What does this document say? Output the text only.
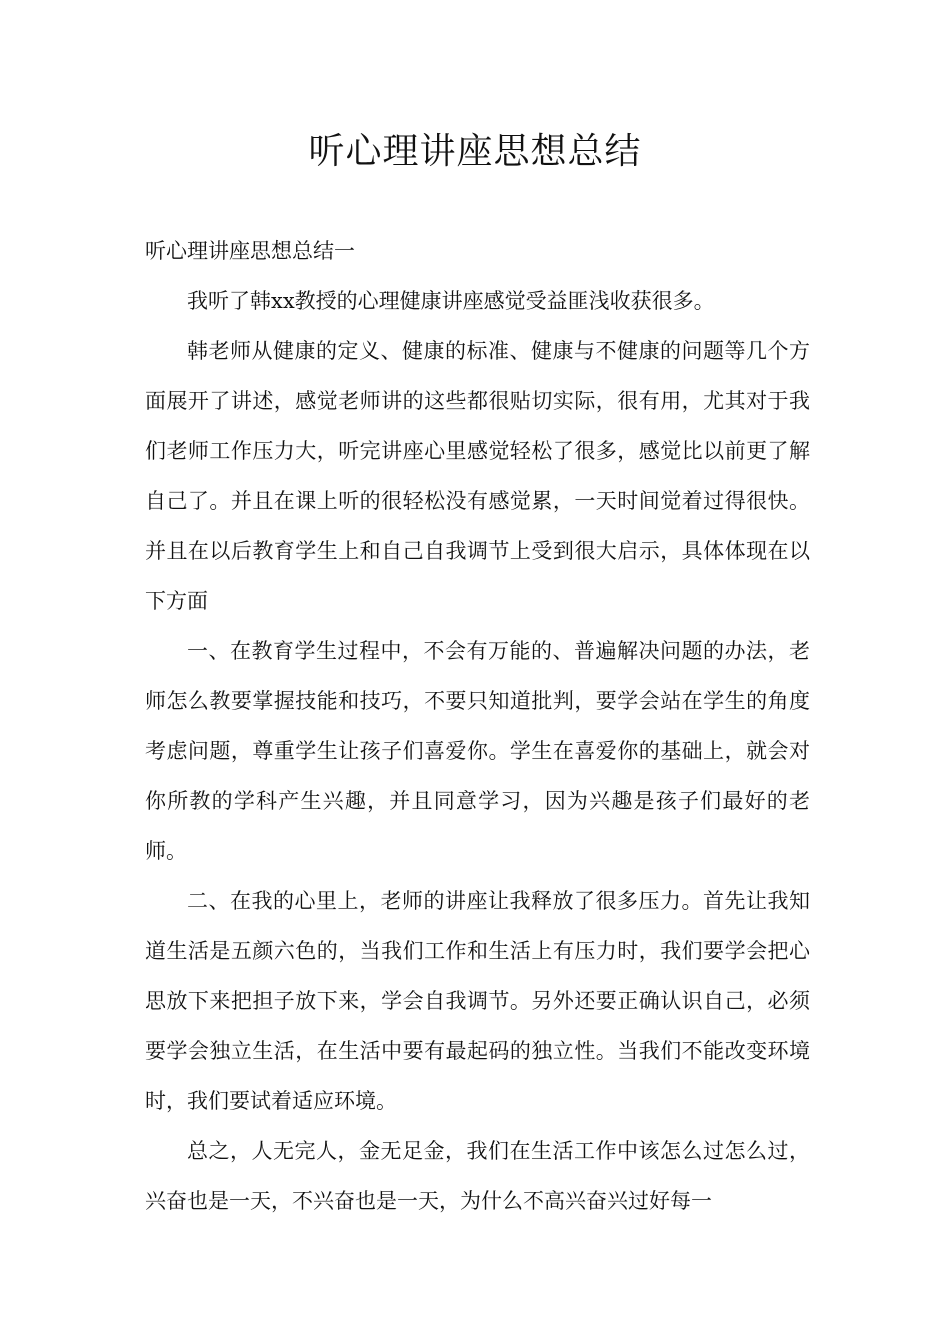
听心理讲座思想总结

听心理讲座思想总结一

我听了韩xx教授的心理健康讲座感觉受益匪浅收获很多。

韩老师从健康的定义、健康的标准、健康与不健康的问题等几个方面展开了讲述，感觉老师讲的这些都很贴切实际，很有用，尤其对于我们老师工作压力大，听完讲座心里感觉轻松了很多，感觉比以前更了解自己了。并且在课上听的很轻松没有感觉累，一天时间觉着过得很快。并且在以后教育学生上和自己自我调节上受到很大启示，具体体现在以下方面

一、在教育学生过程中，不会有万能的、普遍解决问题的办法，老师怎么教要掌握技能和技巧，不要只知道批判，要学会站在学生的角度考虑问题，尊重学生让孩子们喜爱你。学生在喜爱你的基础上，就会对你所教的学科产生兴趣，并且同意学习，因为兴趣是孩子们最好的老师。

二、在我的心里上，老师的讲座让我释放了很多压力。首先让我知道生活是五颜六色的，当我们工作和生活上有压力时，我们要学会把心思放下来把担子放下来，学会自我调节。另外还要正确认识自己，必须要学会独立生活，在生活中要有最起码的独立性。当我们不能改变环境时，我们要试着适应环境。

总之，人无完人，金无足金，我们在生活工作中该怎么过怎么过，兴奋也是一天，不兴奋也是一天，为什么不高兴奋兴过好每一
